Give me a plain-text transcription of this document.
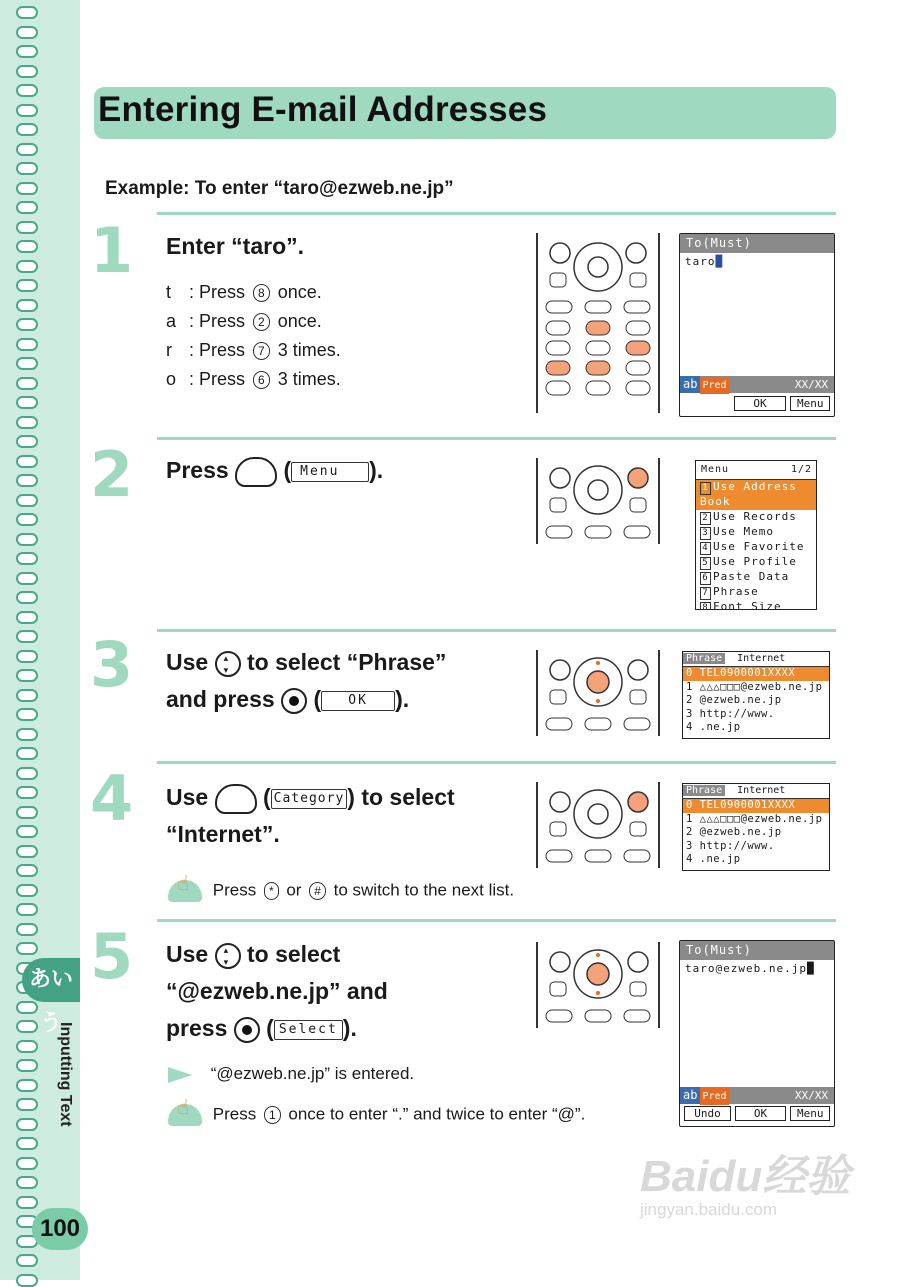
あいう
Inputting Text
100
Entering E-mail Addresses
Example: To enter “taro@ezweb.ne.jp”
1 Enter “taro”.
t : Press 8 once.
a : Press 2 once.
r : Press 7 3 times.
o : Press 6 3 times.
To(Must)
taro█
ab Pred	XX/XX
OK	Menu
2 Press ( Menu ).	Menu	1/2
1 Use Address Book
2 Use Records
3 Use Memo
4 Use Favorite
5 Use Profile
6 Paste Data
7 Phrase
8 Font Size
3 Use ▴ ▾ to select “Phrase”
and press ( OK ).
Phrase Internet
0 TEL0900001XXXX
1 △△△□□□@ezweb.ne.jp
2 @ezweb.ne.jp
3 http://www.
4 .ne.jp
4 Use ( Category ) to select
“Internet”.
Phrase Internet
0 TEL0900001XXXX
1 △△△□□□@ezweb.ne.jp
2 @ezweb.ne.jp
3 http://www.
4 .ne.jp
☝ Press * or # to switch to the next list.
5 Use ▴ ▾ to select
“@ezweb.ne.jp” and
press ( Select ).
To(Must)
taro@ezweb.ne.jp█
ab Pred	XX/XX
Undo	OK	Menu
“@ezweb.ne.jp” is entered.
☝ Press 1 once to enter “.” and twice to enter “@”.
Baidu经验
jingyan.baidu.com
